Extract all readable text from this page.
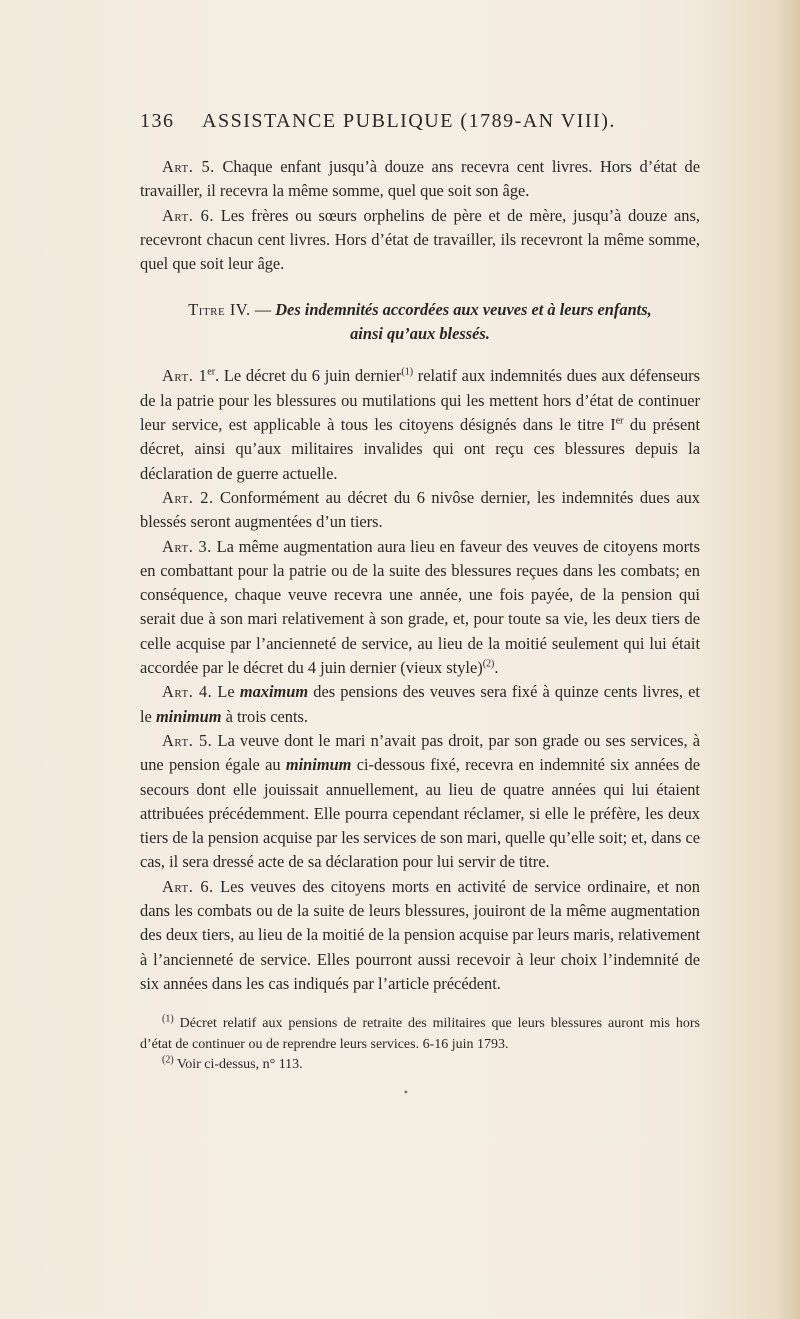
136 ASSISTANCE PUBLIQUE (1789-AN VIII).

Art. 5. Chaque enfant jusqu’à douze ans recevra cent livres. Hors d’état de travailler, il recevra la même somme, quel que soit son âge.

Art. 6. Les frères ou sœurs orphelins de père et de mère, jusqu’à douze ans, recevront chacun cent livres. Hors d’état de travailler, ils recevront la même somme, quel que soit leur âge.

Titre IV. — Des indemnités accordées aux veuves et à leurs enfants,
ainsi qu’aux blessés.

Art. 1er. Le décret du 6 juin dernier$^{(1)}$ relatif aux indemnités dues aux défenseurs de la patrie pour les blessures ou mutilations qui les mettent hors d’état de continuer leur service, est applicable à tous les citoyens désignés dans le titre Ier du présent décret, ainsi qu’aux militaires invalides qui ont reçu ces blessures depuis la déclaration de guerre actuelle.

Art. 2. Conformément au décret du 6 nivôse dernier, les indemnités dues aux blessés seront augmentées d’un tiers.

Art. 3. La même augmentation aura lieu en faveur des veuves de citoyens morts en combattant pour la patrie ou de la suite des blessures reçues dans les combats; en conséquence, chaque veuve recevra une année, une fois payée, de la pension qui serait due à son mari relativement à son grade, et, pour toute sa vie, les deux tiers de celle acquise par l’ancienneté de service, au lieu de la moitié seulement qui lui était accordée par le décret du 4 juin dernier (vieux style)$^{(2)}$.

Art. 4. Le maximum des pensions des veuves sera fixé à quinze cents livres, et le minimum à trois cents.

Art. 5. La veuve dont le mari n’avait pas droit, par son grade ou ses services, à une pension égale au minimum ci-dessous fixé, recevra en indemnité six années de secours dont elle jouissait annuellement, au lieu de quatre années qui lui étaient attribuées précédemment. Elle pourra cependant réclamer, si elle le préfère, les deux tiers de la pension acquise par les services de son mari, quelle qu’elle soit; et, dans ce cas, il sera dressé acte de sa déclaration pour lui servir de titre.

Art. 6. Les veuves des citoyens morts en activité de service ordinaire, et non dans les combats ou de la suite de leurs blessures, jouiront de la même augmentation des deux tiers, au lieu de la moitié de la pension acquise par leurs maris, relativement à l’ancienneté de service. Elles pourront aussi recevoir à leur choix l’indemnité de six années dans les cas indiqués par l’article précédent.

$^{(1)}$ Décret relatif aux pensions de retraite des militaires que leurs blessures auront mis hors d’état de continuer ou de reprendre leurs services. 6-16 juin 1793.

$^{(2)}$ Voir ci-dessus, n° 113.

•
